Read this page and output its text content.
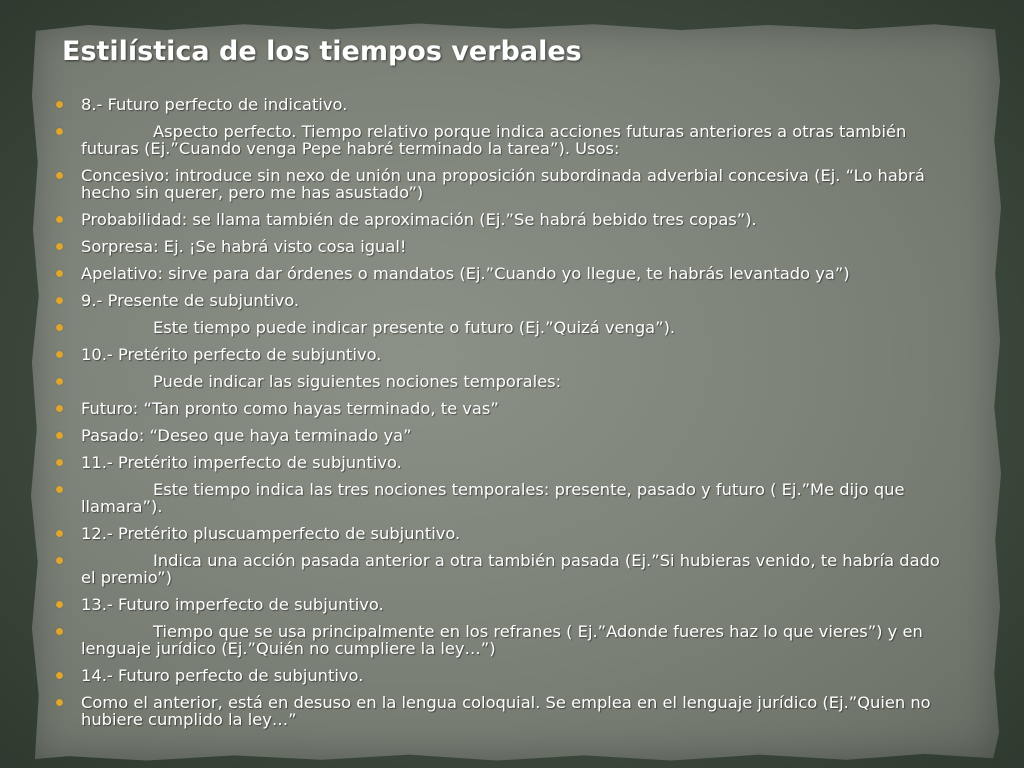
Estilística de los tiempos verbales
8.- Futuro perfecto de indicativo.
Aspecto perfecto. Tiempo relativo porque indica acciones futuras anteriores a otras también futuras (Ej.”Cuando venga Pepe habré terminado la tarea”). Usos:
Concesivo: introduce sin nexo de unión una proposición subordinada adverbial concesiva (Ej. “Lo habrá hecho sin querer, pero me has asustado”)
Probabilidad: se llama también de aproximación (Ej.”Se habrá bebido tres copas”).
Sorpresa: Ej. ¡Se habrá visto cosa igual!
Apelativo: sirve para dar órdenes o mandatos (Ej.”Cuando yo llegue, te habrás levantado ya”)
9.- Presente de subjuntivo.
Este tiempo puede indicar presente o futuro (Ej.”Quizá venga”).
10.- Pretérito perfecto de subjuntivo.
Puede indicar las siguientes nociones temporales:
Futuro: “Tan pronto como hayas terminado, te vas”
Pasado: “Deseo que haya terminado ya”
11.- Pretérito imperfecto de subjuntivo.
Este tiempo indica las tres nociones temporales: presente, pasado y futuro ( Ej.”Me dijo que llamara”).
12.- Pretérito pluscuamperfecto de subjuntivo.
Indica una acción pasada anterior a otra también pasada (Ej.”Si hubieras venido, te habría dado el premio”)
13.- Futuro imperfecto de subjuntivo.
Tiempo que se usa principalmente en los refranes ( Ej.”Adonde fueres haz lo que vieres”) y en lenguaje jurídico (Ej.”Quién no cumpliere la ley…”)
14.- Futuro perfecto de subjuntivo.
Como el anterior, está en desuso en la lengua coloquial. Se emplea en el lenguaje jurídico (Ej.”Quien no hubiere cumplido la ley…”
